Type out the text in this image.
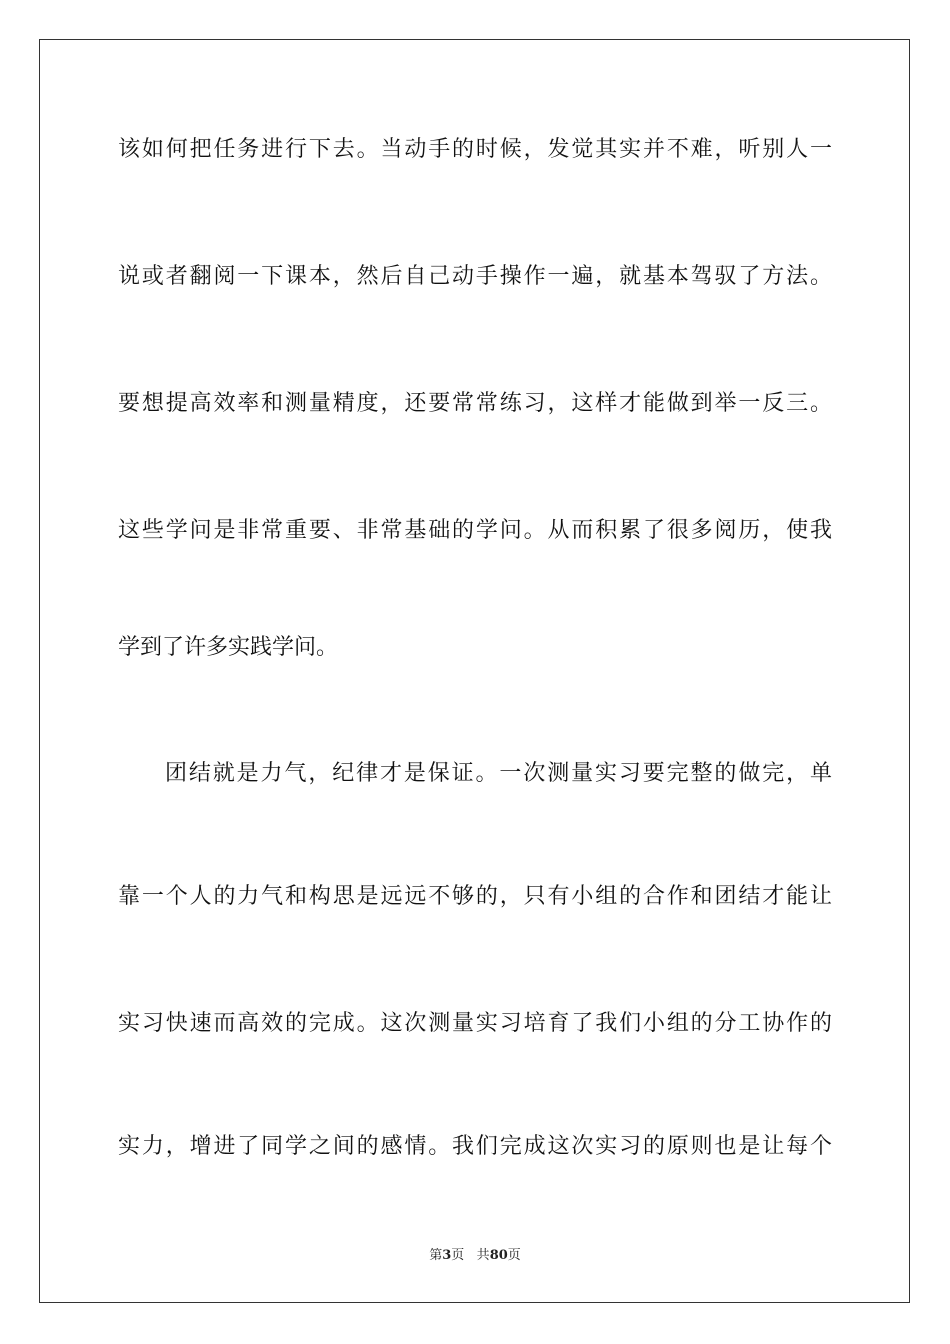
该如何把任务进行下去。当动手的时候，发觉其实并不难，听别人一
说或者翻阅一下课本，然后自己动手操作一遍，就基本驾驭了方法。
要想提高效率和测量精度，还要常常练习，这样才能做到举一反三。
这些学问是非常重要、非常基础的学问。从而积累了很多阅历，使我
学到了许多实践学问。
团结就是力气，纪律才是保证。一次测量实习要完整的做完，单
靠一个人的力气和构思是远远不够的，只有小组的合作和团结才能让
实习快速而高效的完成。这次测量实习培育了我们小组的分工协作的
实力，增进了同学之间的感情。我们完成这次实习的原则也是让每个
第3页 共80页
